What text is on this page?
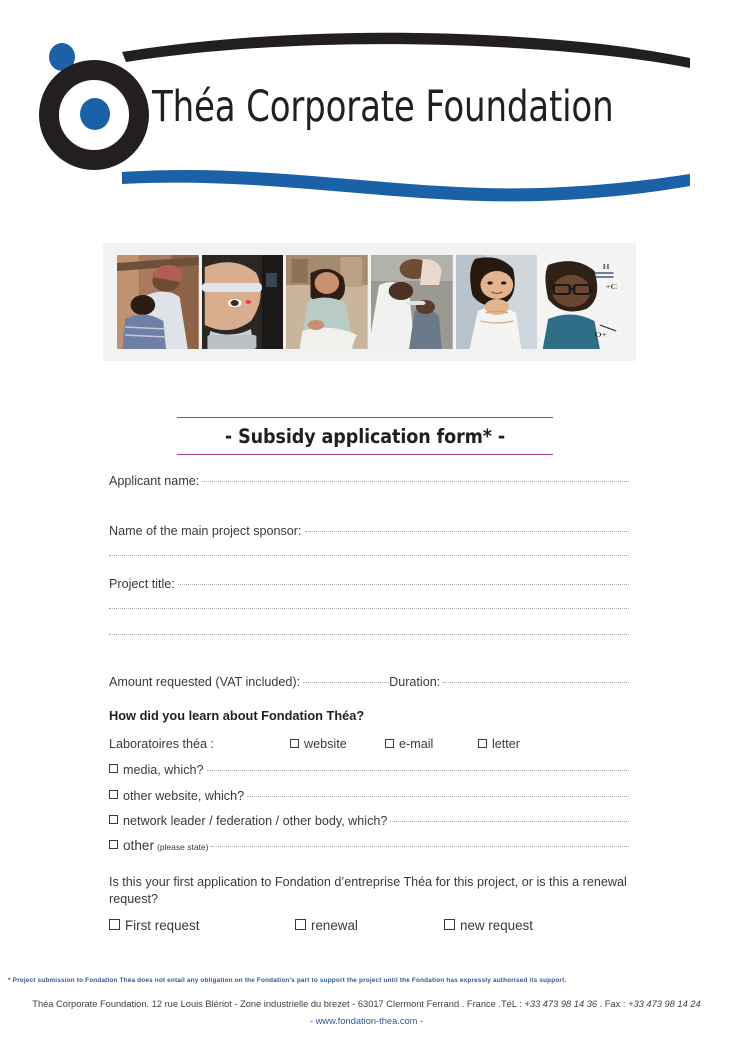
Théa Corporate Foundation
H
+C
O+
- Subsidy application form* -
Applicant name:
Name of the main project sponsor:
Project title:
Amount requested (VAT included):	Duration:
How did you learn about Fondation Théa?
Laboratoires théa :	website	e-mail	letter
media, which?
other website, which?
network leader / federation / other body, which?
other (please state)
Is this your first application to Fondation d’entreprise Théa for this project, or is this a renewal request?
First request	renewal	new request
* Project submission to Fondation Théa does not entail any obligation on the Fondation’s part to support the project until the Fondation has expressly authorised its support.
Théa Corporate Foundation. 12 rue Louis Blériot - Zone industrielle du brezet - 63017 Clermont Ferrand . France .TéL : +33 473 98 14 36 . Fax : +33 473 98 14 24
- www.fondation-thea.com -
